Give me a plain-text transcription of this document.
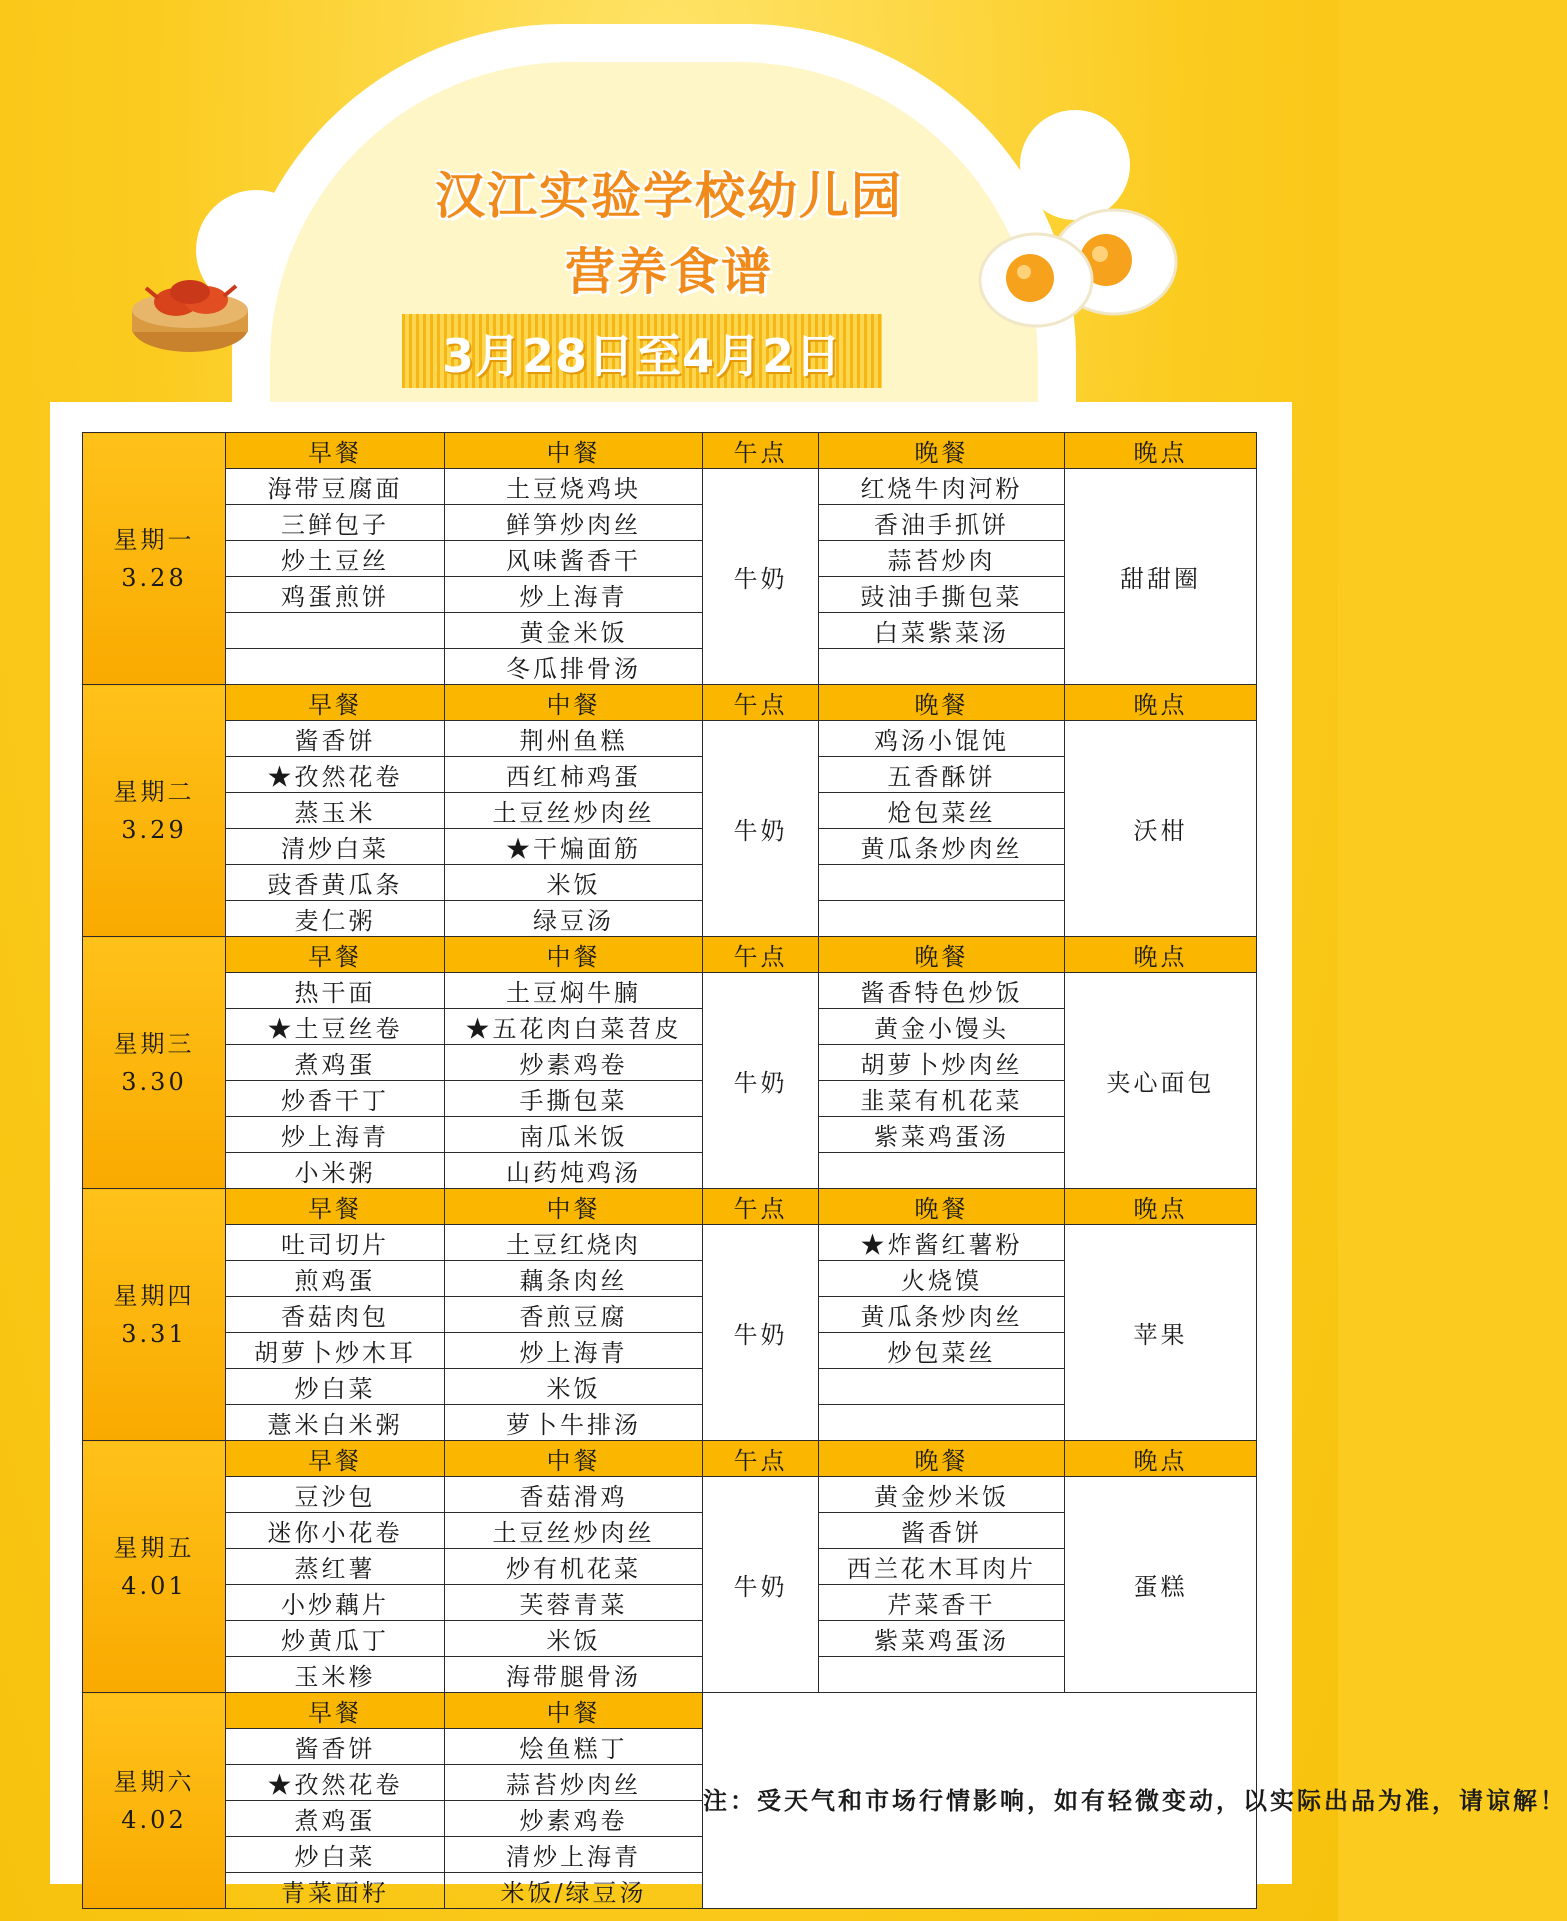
汉江实验学校幼儿园
营养食谱
3月28日至4月2日
星期一
3.28	早餐	中餐	午点	晚餐	晚点
	海带豆腐面	土豆烧鸡块	牛奶	红烧牛肉河粉	甜甜圈
	三鲜包子	鲜笋炒肉丝		香油手抓饼	
	炒土豆丝	风味酱香干		蒜苔炒肉	
	鸡蛋煎饼	炒上海青		豉油手撕包菜	
		黄金米饭		白菜紫菜汤	
		冬瓜排骨汤			

星期二
3.29	早餐	中餐	午点	晚餐	晚点
	酱香饼	荆州鱼糕	牛奶	鸡汤小馄饨	沃柑
	★孜然花卷	西红柿鸡蛋		五香酥饼	
	蒸玉米	土豆丝炒肉丝		炝包菜丝	
	清炒白菜	★干煸面筋		黄瓜条炒肉丝	
	豉香黄瓜条	米饭			
	麦仁粥	绿豆汤			

星期三
3.30	早餐	中餐	午点	晚餐	晚点
	热干面	土豆焖牛腩	牛奶	酱香特色炒饭	夹心面包
	★土豆丝卷	★五花肉白菜苕皮		黄金小馒头	
	煮鸡蛋	炒素鸡卷		胡萝卜炒肉丝	
	炒香干丁	手撕包菜		韭菜有机花菜	
	炒上海青	南瓜米饭		紫菜鸡蛋汤	
	小米粥	山药炖鸡汤			

星期四
3.31	早餐	中餐	午点	晚餐	晚点
	吐司切片	土豆红烧肉	牛奶	★炸酱红薯粉	苹果
	煎鸡蛋	藕条肉丝		火烧馍	
	香菇肉包	香煎豆腐		黄瓜条炒肉丝	
	胡萝卜炒木耳	炒上海青		炒包菜丝	
	炒白菜	米饭			
	薏米白米粥	萝卜牛排汤			

星期五
4.01	早餐	中餐	午点	晚餐	晚点
	豆沙包	香菇滑鸡	牛奶	黄金炒米饭	蛋糕
	迷你小花卷	土豆丝炒肉丝		酱香饼	
	蒸红薯	炒有机花菜		西兰花木耳肉片	
	小炒藕片	芙蓉青菜		芹菜香干	
	炒黄瓜丁	米饭		紫菜鸡蛋汤	
	玉米糁	海带腿骨汤			

星期六
4.02	早餐	中餐	注：受天气和市场行情影响，如有轻微变动，以实际出品为准，请谅解！		
	酱香饼	烩鱼糕丁			
	★孜然花卷	蒜苔炒肉丝			
	煮鸡蛋	炒素鸡卷			
	炒白菜	清炒上海青			
	青菜面籽	米饭/绿豆汤			
